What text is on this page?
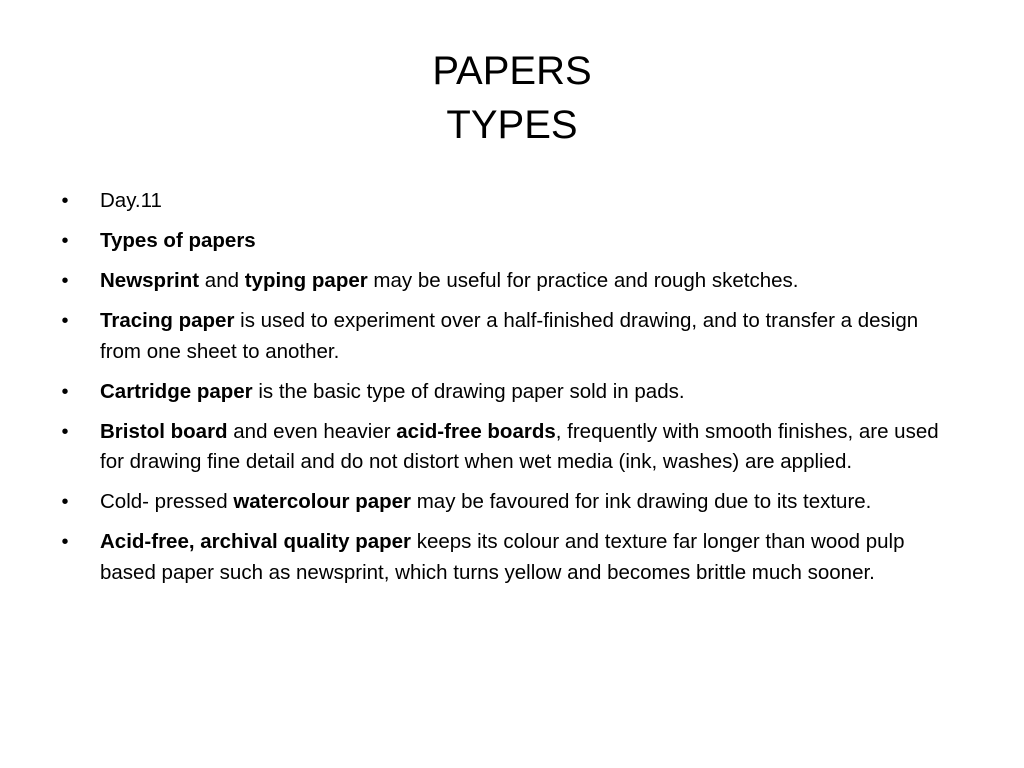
PAPERS
TYPES
• Day.11
• Types of papers
• Newsprint and typing paper may be useful for practice and rough sketches.
• Tracing paper is used to experiment over a half-finished drawing, and to transfer a design from one sheet to another.
• Cartridge paper is the basic type of drawing paper sold in pads.
• Bristol board and even heavier acid-free boards, frequently with smooth finishes, are used for drawing fine detail and do not distort when wet media (ink, washes) are applied.
• Cold- pressed watercolour paper may be favoured for ink drawing due to its texture.
• Acid-free, archival quality paper keeps its colour and texture far longer than wood pulp based paper such as newsprint, which turns yellow and becomes brittle much sooner.
